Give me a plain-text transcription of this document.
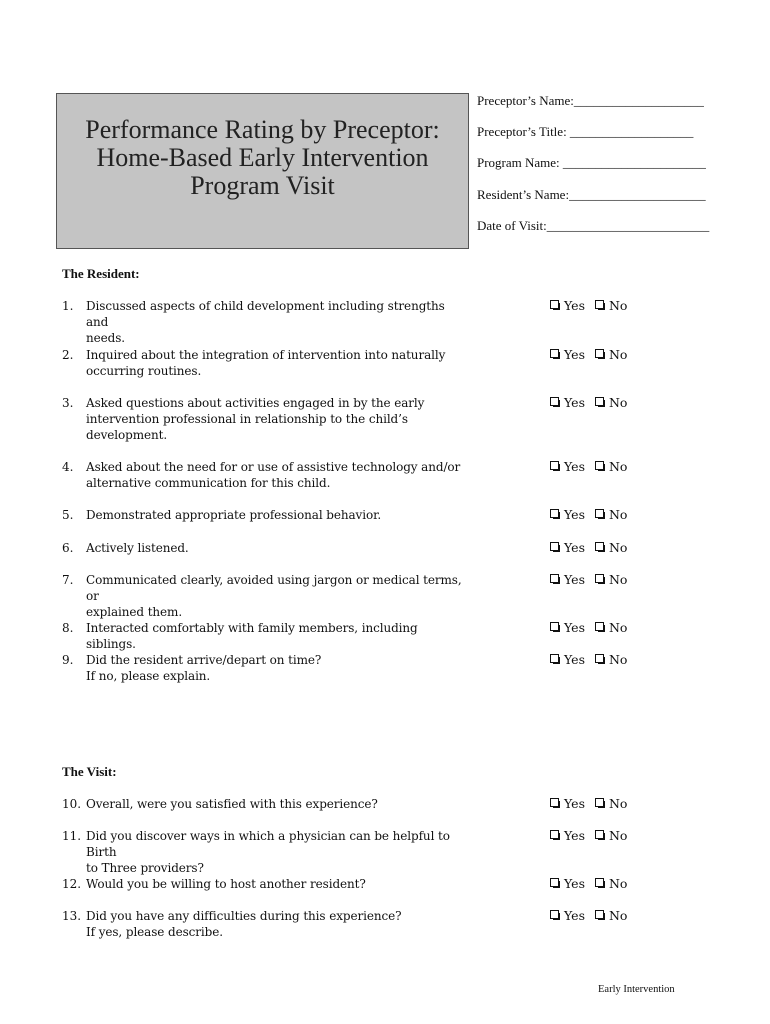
Performance Rating by Preceptor:
Home-Based Early Intervention
Program Visit
Preceptor’s Name:____________________
Preceptor’s Title: ___________________
Program Name: ______________________
Resident’s Name:_____________________
Date of Visit:_________________________
The Resident:
The Visit:
1.	Discussed aspects of child development including strengths and
needs.
Yes No
2.	Inquired about the integration of intervention into naturally
occurring routines.
Yes No
3.	Asked questions about activities engaged in by the early
intervention professional in relationship to the child’s
development.
Yes No
4.	Asked about the need for or use of assistive technology and/or
alternative communication for this child.
Yes No
5.	Demonstrated appropriate professional behavior.	Yes No
6.	Actively listened.	Yes No
7.	Communicated clearly, avoided using jargon or medical terms, or
explained them.
Yes No
8.	Interacted comfortably with family members, including siblings.
Yes No
9.	Did the resident arrive/depart on time?
If no, please explain.
Yes No
10. Overall, were you satisfied with this experience?	Yes No
11. Did you discover ways in which a physician can be helpful to Birth
to Three providers?
Yes No
12. Would you be willing to host another resident?	Yes No
13. Did you have any difficulties during this experience?
If yes, please describe.
Yes No
Early Intervention
